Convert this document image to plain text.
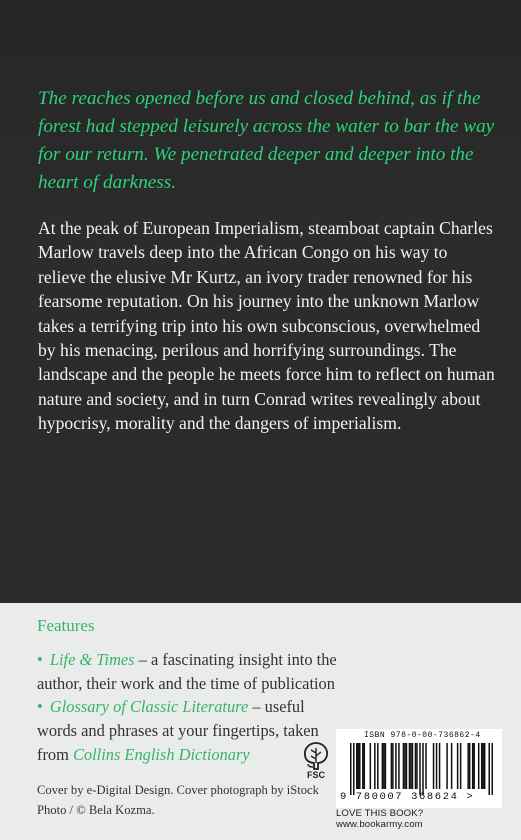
The reaches opened before us and closed behind, as if the forest had stepped leisurely across the water to bar the way for our return. We penetrated deeper and deeper into the heart of darkness.

At the peak of European Imperialism, steamboat captain Charles Marlow travels deep into the African Congo on his way to relieve the elusive Mr Kurtz, an ivory trader renowned for his fearsome reputation. On his journey into the unknown Marlow takes a terrifying trip into his own subconscious, overwhelmed by his menacing, perilous and horrifying surroundings. The landscape and the people he meets force him to reflect on human nature and society, and in turn Conrad writes revealingly about hypocrisy, morality and the dangers of imperialism.

Features

• Life & Times – a fascinating insight into the author, their work and the time of publication

• Glossary of Classic Literature – useful words and phrases at your fingertips, taken from Collins English Dictionary

Cover by e-Digital Design. Cover photograph by iStock Photo / © Bela Kozma.

FSC
ISBN 978-0-00-736862-4
9 780007 368624 >
LOVE THIS BOOK? www.bookarmy.com
